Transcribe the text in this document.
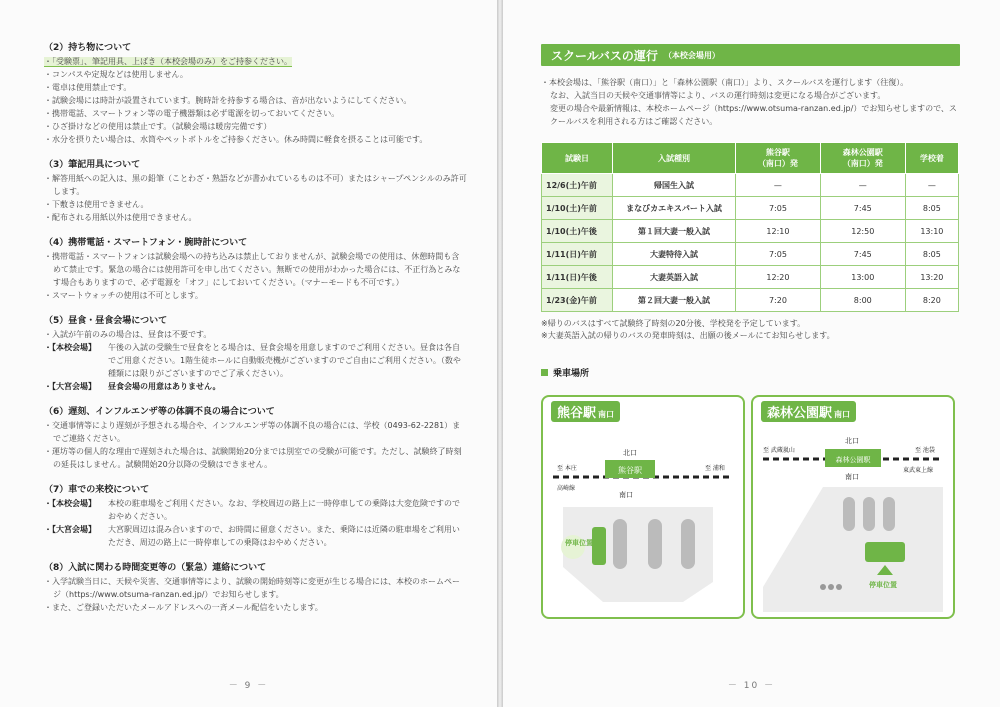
（2）持ち物について
・「受験票」、筆記用具、上ばき（本校会場のみ）をご持参ください。
・コンパスや定規などは使用しません。
・電卓は使用禁止です。
・試験会場には時計が設置されています。腕時計を持参する場合は、音が出ないようにしてください。
・携帯電話、スマートフォン等の電子機器類は必ず電源を切っておいてください。
・ひざ掛けなどの使用は禁止です。（試験会場は暖房完備です）
・水分を摂りたい場合は、水筒やペットボトルをご持参ください。休み時間に軽食を摂ることは可能です。
（3）筆記用具について
・解答用紙への記入は、黒の鉛筆（ことわざ・熟語などが書かれているものは不可）またはシャープペンシルのみ許可します。
・下敷きは使用できません。
・配布される用紙以外は使用できません。
（4）携帯電話・スマートフォン・腕時計について
・携帯電話・スマートフォンは試験会場への持ち込みは禁止しておりませんが、試験会場での使用は、休憩時間も含めて禁止です。緊急の場合には使用許可を申し出てください。無断での使用がわかった場合には、不正行為とみなす場合もありますので、必ず電源を「オフ」にしておいてください。（マナーモードも不可です。）
・スマートウォッチの使用は不可とします。
（5）昼食・昼食会場について
・入試が午前のみの場合は、昼食は不要です。
・【本校会場】	午後の入試の受験生で昼食をとる場合は、昼食会場を用意しますのでご利用ください。昼食は各自でご用意ください。1階生徒ホールに自動販売機がございますのでご自由にご利用ください。（数や種類には限りがございますのでご了承ください）。
・【大宮会場】	昼食会場の用意はありません。
（6）遅刻、インフルエンザ等の体調不良の場合について
・交通事情等により遅刻が予想される場合や、インフルエンザ等の体調不良の場合には、学校（0493-62-2281）までご連絡ください。
・運坊等の個人的な理由で遅刻された場合は、試験開始20分までは別室での受験が可能です。ただし、試験終了時刻の延長はしません。試験開始20分以降の受験はできません。
（7）車での来校について
・【本校会場】	本校の駐車場をご利用ください。なお、学校周辺の路上に一時停車しての乗降は大変危険ですのでおやめください。
・【大宮会場】	大宮駅周辺は混み合いますので、お時間に留意ください。また、乗降には近隣の駐車場をご利用いただき、周辺の路上に一時停車しての乗降はおやめください。
（8）入試に関わる時間変更等の（緊急）連絡について
・入学試験当日に、天候や災害、交通事情等により、試験の開始時刻等に変更が生じる場合には、本校のホームページ（https://www.otsuma-ranzan.ed.jp/）でお知らせします。
・また、ご登録いただいたメールアドレスへの一斉メール配信をいたします。
－ 9 －
スクールバスの運行 （本校会場用）
・本校会場は、「熊谷駅（南口）」と「森林公園駅（南口）」より、スクールバスを運行します（往復）。
なお、入試当日の天候や交通事情等により、バスの運行時刻は変更になる場合がございます。
変更の場合や最新情報は、本校ホームページ（https://www.otsuma-ranzan.ed.jp/）でお知らせしますので、スクールバスを利用される方はご確認ください。
試験日	入試種別	熊谷駅
（南口）発	森林公園駅
（南口）発	学校着
12/6(土)午前	帰国生入試	—	—	—
1/10(土)午前	まなびカエキスパート入試	7:05	7:45	8:05
1/10(土)午後	第１回大妻一般入試	12:10	12:50	13:10
1/11(日)午前	大妻特待入試	7:05	7:45	8:05
1/11(日)午後	大妻英語入試	12:20	13:00	13:20
1/23(金)午前	第２回大妻一般入試	7:20	8:00	8:20
※帰りのバスはすべて試験終了時刻の20分後、学校発を予定しています。
※大妻英語入試の帰りのバスの発車時刻は、出願の後メールにてお知らせします。
乗車場所
熊谷駅
北口
南口
至 本庄
高崎線
至 浦和
停車位置
熊谷駅 南口
森林公園駅
北口
南口
至 武蔵嵐山	至 池袋
東武東上線
停車位置
森林公園駅 南口
－ 10 －
